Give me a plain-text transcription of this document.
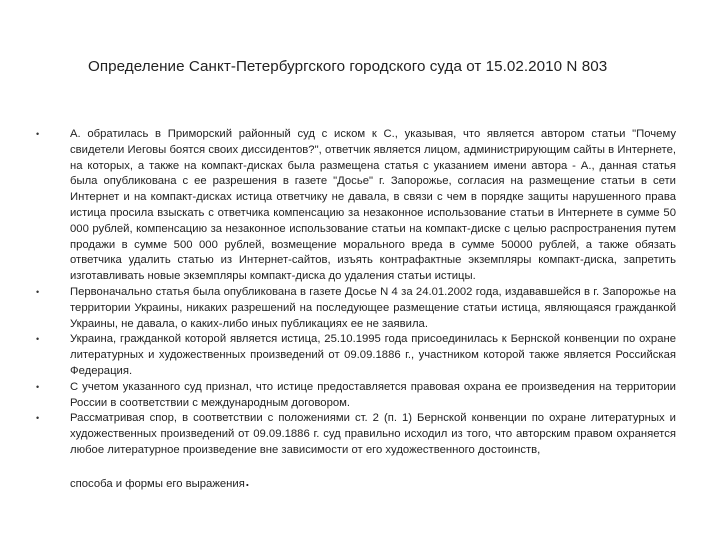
Определение Санкт-Петербургского городского суда от 15.02.2010 N 803
•	А. обратилась в Приморский районный суд с иском к С., указывая, что является автором статьи "Почему свидетели Иеговы боятся своих диссидентов?", ответчик является лицом, администрирующим сайты в Интернете, на которых, а также на компакт-дисках была размещена статья с указанием имени автора - А., данная статья была опубликована с ее разрешения в газете "Досье" г. Запорожье, согласия на размещение статьи в сети Интернет и на компакт-дисках истица ответчику не давала, в связи с чем в порядке защиты нарушенного права истица просила взыскать с ответчика компенсацию за незаконное использование статьи в Интернете в сумме 50 000 рублей, компенсацию за незаконное использование статьи на компакт-диске с целью распространения путем продажи в сумме 500 000 рублей, возмещение морального вреда в сумме 50000 рублей, а также обязать ответчика удалить статью из Интернет-сайтов, изъять контрафактные экземпляры компакт-диска, запретить изготавливать новые экземпляры компакт-диска до удаления статьи истицы.
•	Первоначально статья была опубликована в газете Досье N 4 за 24.01.2002 года, издававшейся в г. Запорожье на территории Украины, никаких разрешений на последующее размещение статьи истица, являющаяся гражданкой Украины, не давала, о каких-либо иных публикациях ее не заявила.
•	Украина, гражданкой которой является истица, 25.10.1995 года присоединилась к Бернской конвенции по охране литературных и художественных произведений от 09.09.1886 г., участником которой также является Российская Федерация.
•	С учетом указанного суд признал, что истице предоставляется правовая охрана ее произведения на территории России в соответствии с международным договором.
•	Рассматривая спор, в соответствии с положениями ст. 2 (п. 1) Бернской конвенции по охране литературных и художественных произведений от 09.09.1886 г. суд правильно исходил из того, что авторским правом охраняется любое литературное произведение вне зависимости от его художественного достоинств,
способа и формы его выражения.
